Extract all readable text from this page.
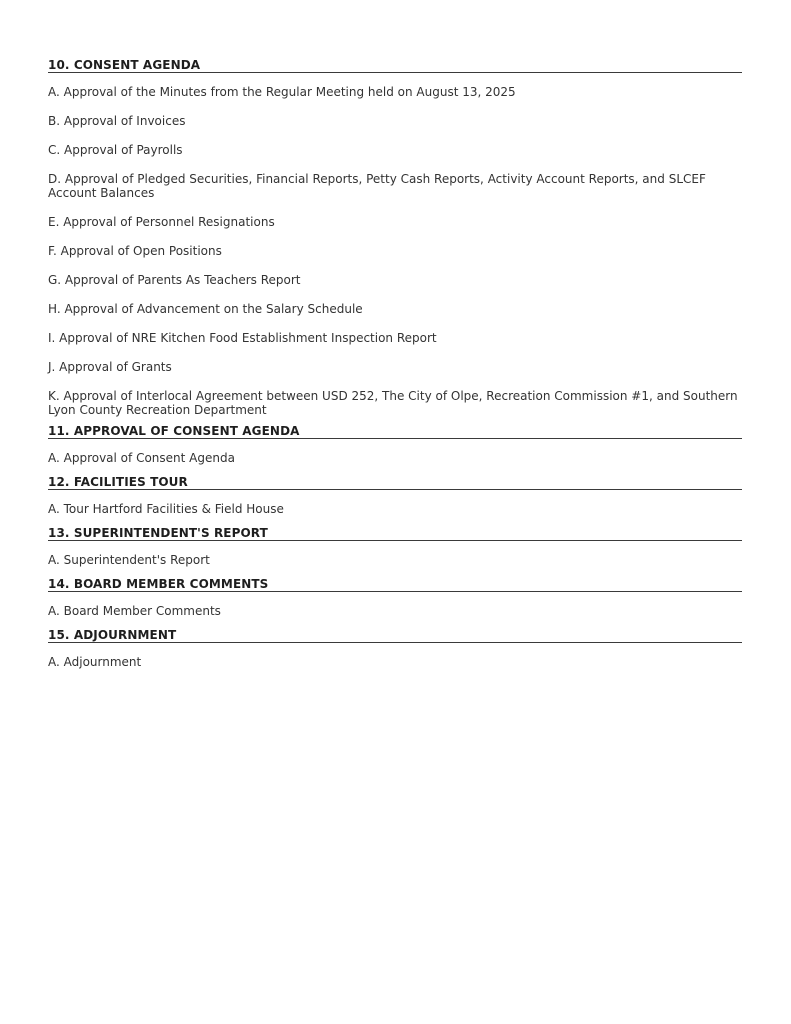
10. CONSENT AGENDA

A. Approval of the Minutes from the Regular Meeting held on August 13, 2025

B. Approval of Invoices

C. Approval of Payrolls

D. Approval of Pledged Securities, Financial Reports, Petty Cash Reports, Activity Account Reports, and SLCEF Account Balances

E. Approval of Personnel Resignations

F. Approval of Open Positions

G. Approval of Parents As Teachers Report

H. Approval of Advancement on the Salary Schedule

I. Approval of NRE Kitchen Food Establishment Inspection Report

J. Approval of Grants

K. Approval of Interlocal Agreement between USD 252, The City of Olpe, Recreation Commission #1, and Southern Lyon County Recreation Department

11. APPROVAL OF CONSENT AGENDA

A. Approval of Consent Agenda

12. FACILITIES TOUR

A. Tour Hartford Facilities & Field House

13. SUPERINTENDENT'S REPORT

A. Superintendent's Report

14. BOARD MEMBER COMMENTS

A. Board Member Comments

15. ADJOURNMENT

A. Adjournment
